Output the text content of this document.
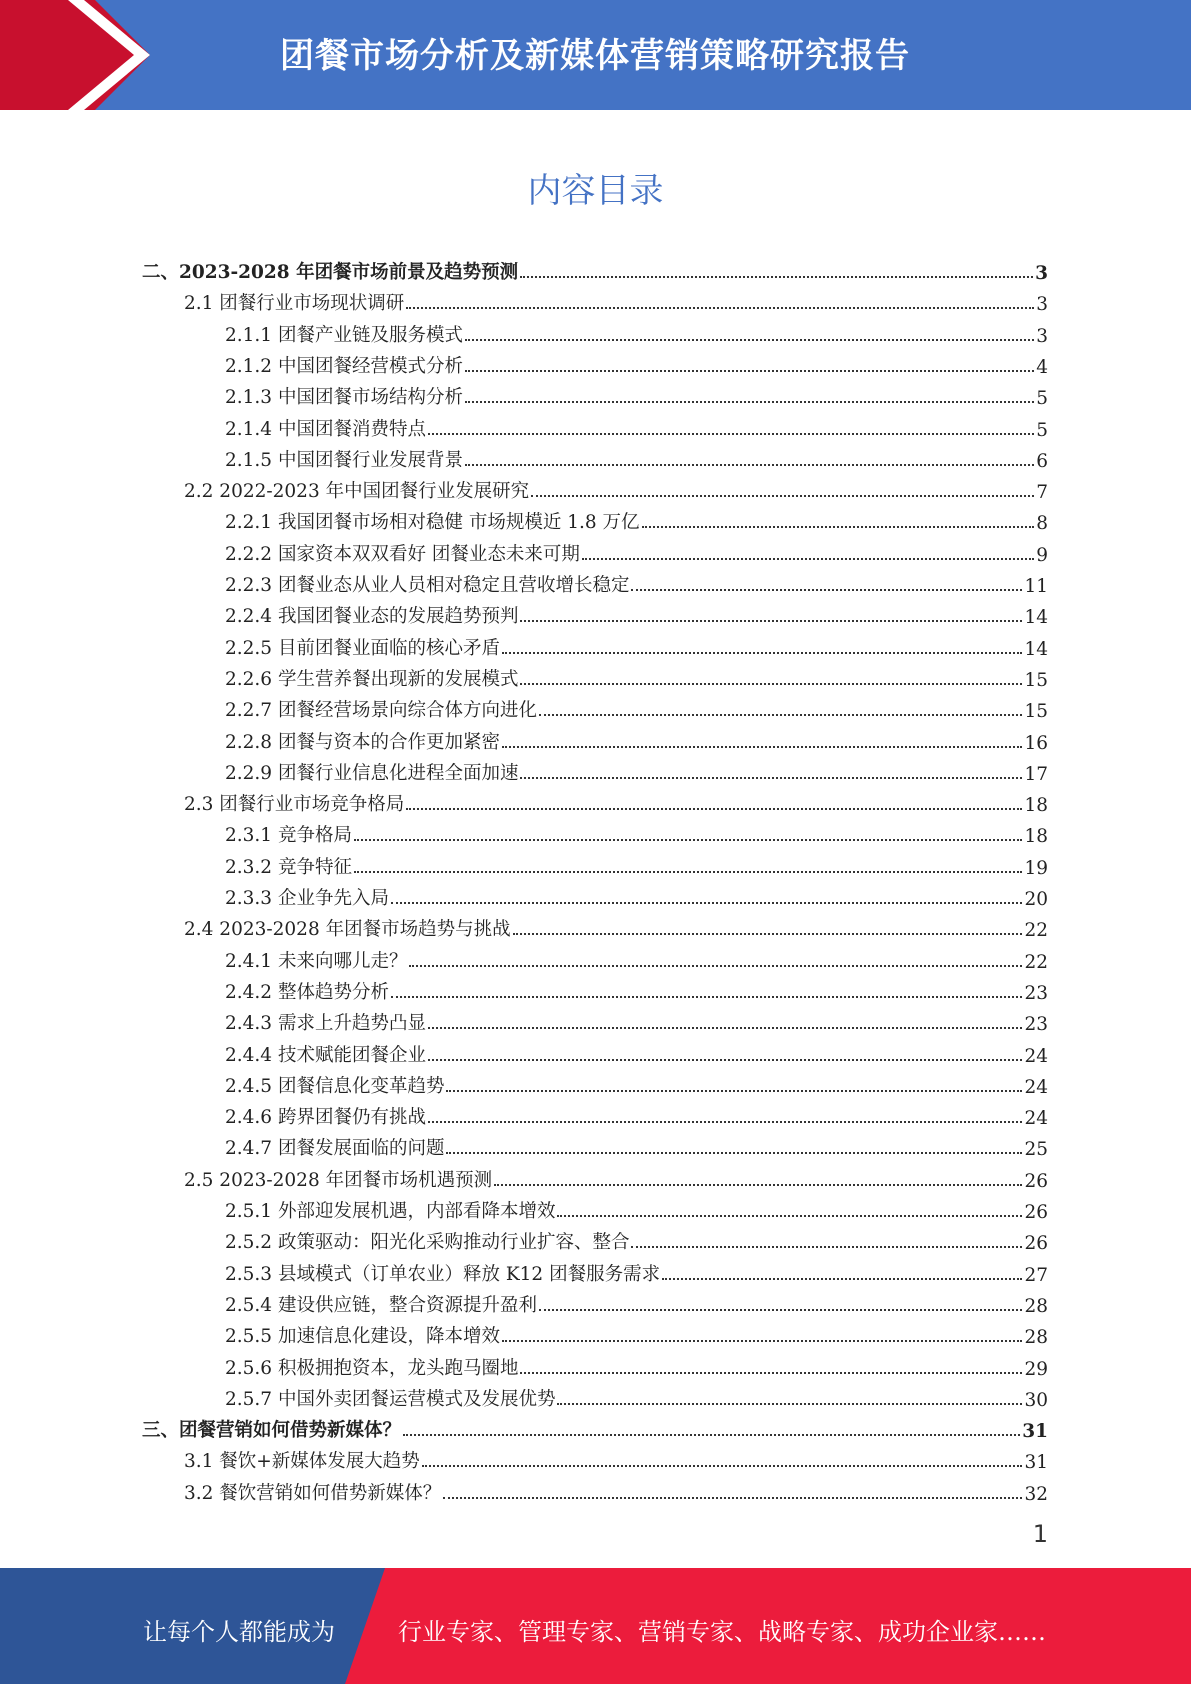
团餐市场分析及新媒体营销策略研究报告
内容目录
二、2023-2028 年团餐市场前景及趋势预测	3
2.1 团餐行业市场现状调研	3
2.1.1 团餐产业链及服务模式	3
2.1.2 中国团餐经营模式分析	4
2.1.3 中国团餐市场结构分析	5
2.1.4 中国团餐消费特点	5
2.1.5 中国团餐行业发展背景	6
2.2 2022-2023 年中国团餐行业发展研究	7
2.2.1 我国团餐市场相对稳健 市场规模近 1.8 万亿	8
2.2.2 国家资本双双看好 团餐业态未来可期	9
2.2.3 团餐业态从业人员相对稳定且营收增长稳定	11
2.2.4 我国团餐业态的发展趋势预判	14
2.2.5 目前团餐业面临的核心矛盾	14
2.2.6 学生营养餐出现新的发展模式	15
2.2.7 团餐经营场景向综合体方向进化	15
2.2.8 团餐与资本的合作更加紧密	16
2.2.9 团餐行业信息化进程全面加速	17
2.3 团餐行业市场竞争格局	18
2.3.1 竞争格局	18
2.3.2 竞争特征	19
2.3.3 企业争先入局	20
2.4 2023-2028 年团餐市场趋势与挑战	22
2.4.1 未来向哪儿走？	22
2.4.2 整体趋势分析	23
2.4.3 需求上升趋势凸显	23
2.4.4 技术赋能团餐企业	24
2.4.5 团餐信息化变革趋势	24
2.4.6 跨界团餐仍有挑战	24
2.4.7 团餐发展面临的问题	25
2.5 2023-2028 年团餐市场机遇预测	26
2.5.1 外部迎发展机遇，内部看降本增效	26
2.5.2 政策驱动：阳光化采购推动行业扩容、整合	26
2.5.3 县域模式（订单农业）释放 K12 团餐服务需求	27
2.5.4 建设供应链，整合资源提升盈利	28
2.5.5 加速信息化建设，降本增效	28
2.5.6 积极拥抱资本，龙头跑马圈地	29
2.5.7 中国外卖团餐运营模式及发展优势	30
三、团餐营销如何借势新媒体？	31
3.1 餐饮+新媒体发展大趋势	31
3.2 餐饮营销如何借势新媒体？	32
1
让每个人都能成为	行业专家、管理专家、营销专家、战略专家、成功企业家……
